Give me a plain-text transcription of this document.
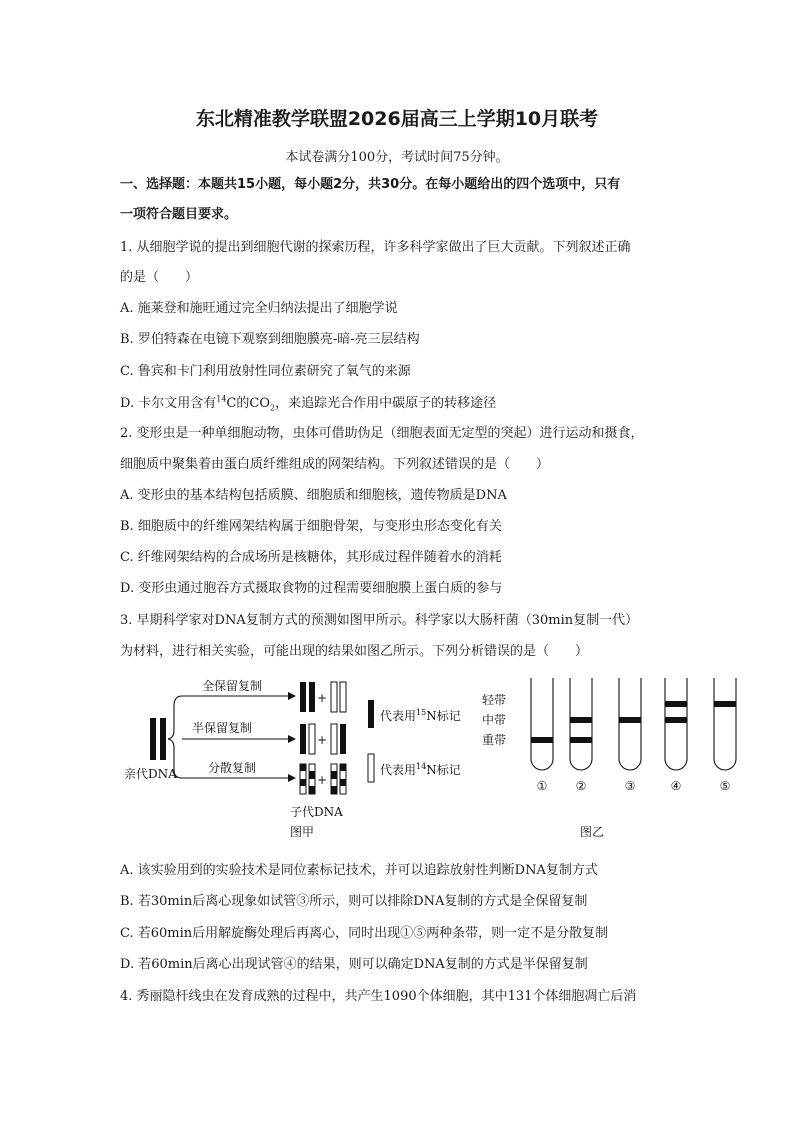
东北精准教学联盟2026届高三上学期10月联考
本试卷满分100分，考试时间75分钟。
一、选择题：本题共15小题，每小题2分，共30分。在每小题给出的四个选项中，只有
一项符合题目要求。
1. 从细胞学说的提出到细胞代谢的探索历程，许多科学家做出了巨大贡献。下列叙述正确
的是（　　）
A. 施莱登和施旺通过完全归纳法提出了细胞学说
B. 罗伯特森在电镜下观察到细胞膜亮-暗-亮三层结构
C. 鲁宾和卡门利用放射性同位素研究了氧气的来源
D. 卡尔文用含有$^{14}$C的$CO_2$，来追踪光合作用中碳原子的转移途径
2. 变形虫是一种单细胞动物，虫体可借助伪足（细胞表面无定型的突起）进行运动和摄食，
细胞质中聚集着由蛋白质纤维组成的网架结构。下列叙述错误的是（　　）
A. 变形虫的基本结构包括质膜、细胞质和细胞核，遗传物质是DNA
B. 细胞质中的纤维网架结构属于细胞骨架，与变形虫形态变化有关
C. 纤维网架结构的合成场所是核糖体，其形成过程伴随着水的消耗
D. 变形虫通过胞吞方式摄取食物的过程需要细胞膜上蛋白质的参与
3. 早期科学家对DNA复制方式的预测如图甲所示。科学家以大肠杆菌（30min复制一代）
为材料，进行相关实验，可能出现的结果如图乙所示。下列分析错误的是（　　）
亲代DNA
全保留复制
半保留复制
分散复制
+
+
+
子代DNA
图甲
代表用$^{15}$N标记
代表用$^{14}$N标记
轻带
中带
重带
① ②	③	④	⑤
图乙
A. 该实验用到的实验技术是同位素标记技术，并可以追踪放射性判断DNA复制方式
B. 若30min后离心现象如试管③所示，则可以排除DNA复制的方式是全保留复制
C. 若60min后用解旋酶处理后再离心，同时出现①⑤两种条带，则一定不是分散复制
D. 若60min后离心出现试管④的结果，则可以确定DNA复制的方式是半保留复制
4. 秀丽隐杆线虫在发育成熟的过程中，共产生1090个体细胞，其中131个体细胞凋亡后消
